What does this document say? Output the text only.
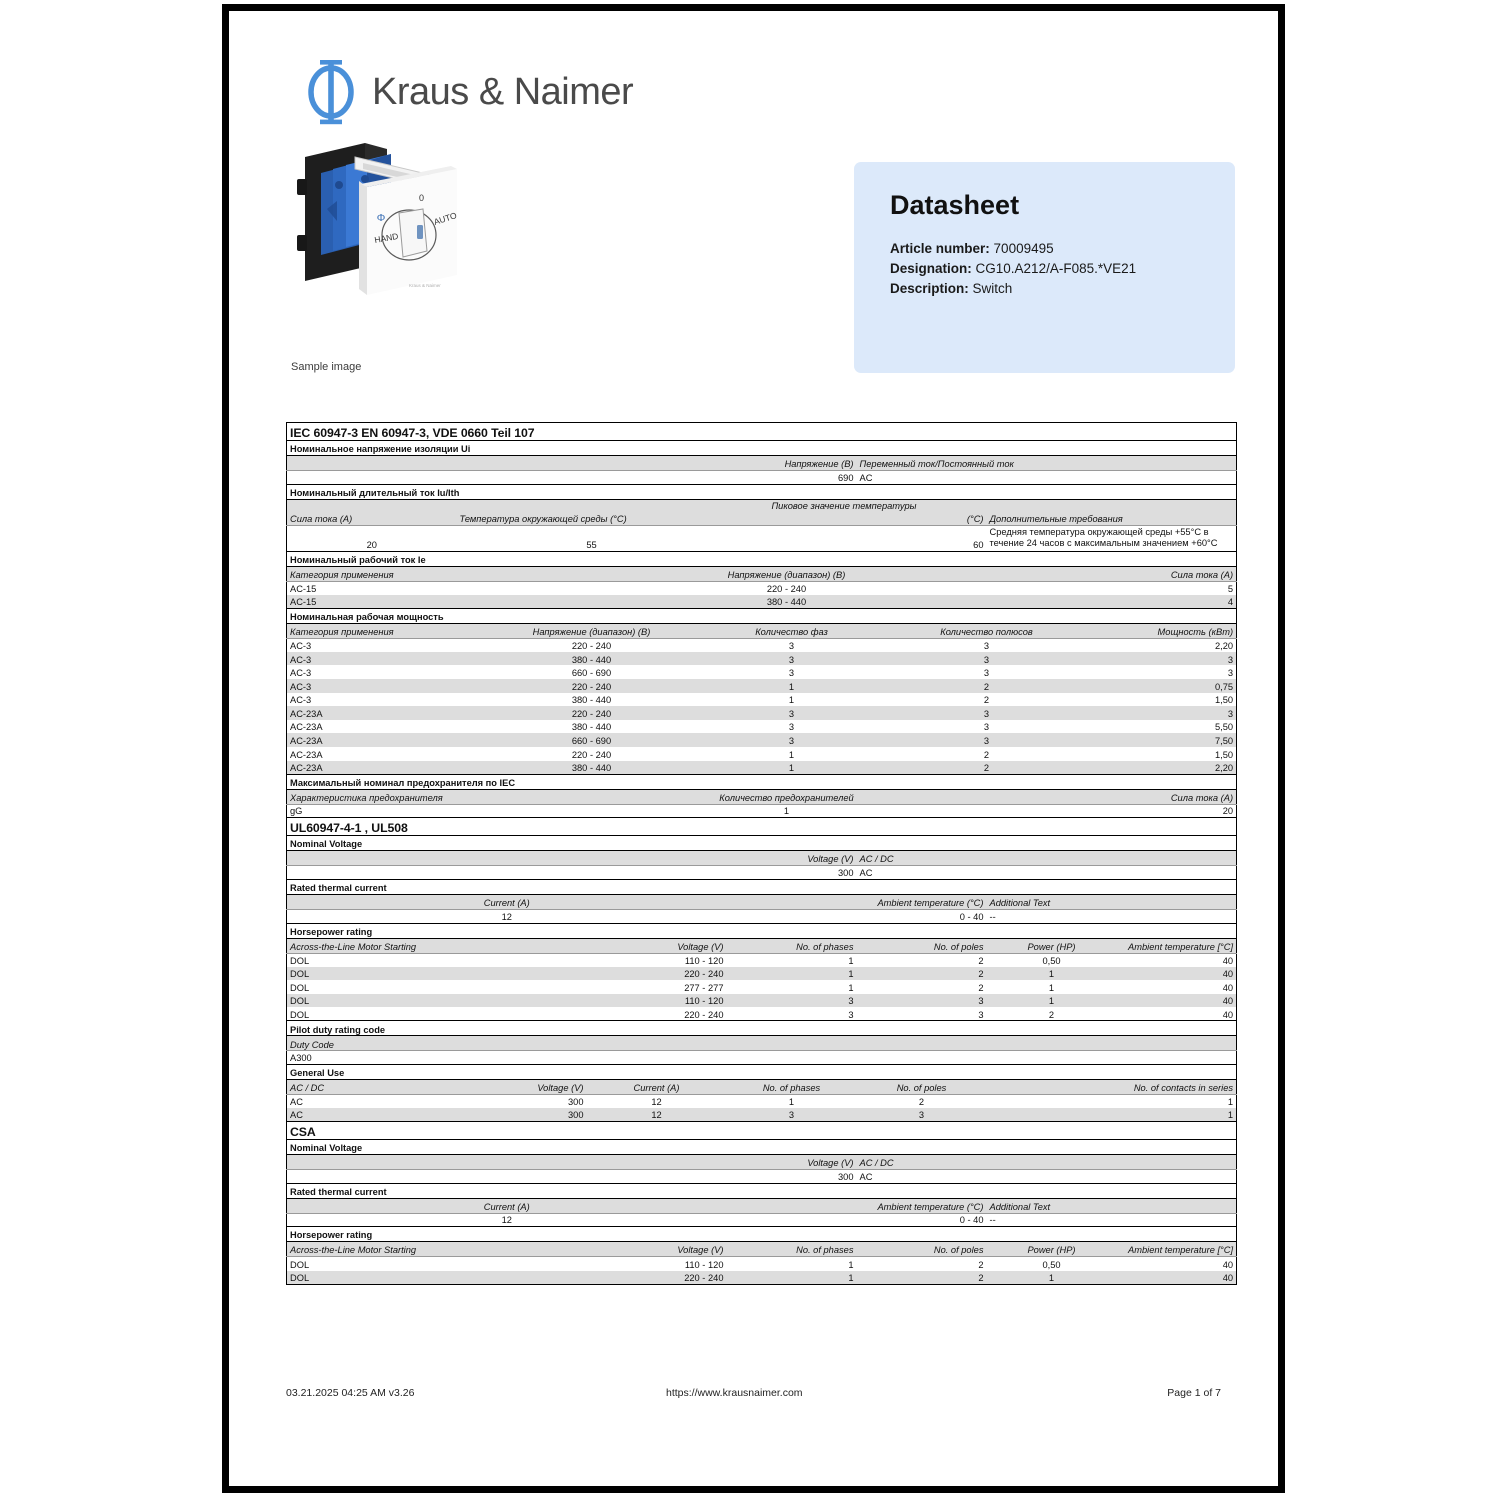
Kraus & Naimer
0
HAND
AUTO
Φ
Kraus & Naimer
Sample image
Datasheet
Article number: 70009495
Designation: CG10.A212/A-F085.*VE21
Description: Switch
IEC 60947-3 EN 60947-3, VDE 0660 Teil 107						
Номинальное напряжение изоляции Ui						
Напряжение (В)				Переменный ток/Постоянный ток		
690				AC		
Номинальный длительный ток Iu/Ith						
Сила тока (A)	Температура окружающей среды (°C)		Пиковое значение температуры
(°C)		Дополнительные требования	
20	55		60		Средняя температура окружающей среды +55°C в течение 24 часов с максимальным значением +60°C	
Номинальный рабочий ток Ie						
Категория применения		Напряжение (диапазон) (В)			Сила тока (A)	
AC-15		220 - 240			5	
AC-15		380 - 440			4	
Номинальная рабочая мощность						
Категория применения	Напряжение (диапазон) (В)		Количество фаз	Количество полюсов		Мощность (кВт)
AC-3	220 - 240		3	3		2,20
AC-3	380 - 440		3	3		3
AC-3	660 - 690		3	3		3
AC-3	220 - 240		1	2		0,75
AC-3	380 - 440		1	2		1,50
AC-23A	220 - 240		3	3		3
AC-23A	380 - 440		3	3		5,50
AC-23A	660 - 690		3	3		7,50
AC-23A	220 - 240		1	2		1,50
AC-23A	380 - 440		1	2		2,20
Максимальный номинал предохранителя по IEC						
Характеристика предохранителя		Количество предохранителей			Сила тока (A)	
gG		1			20	
UL60947-4-1 , UL508						
Nominal Voltage						
Voltage (V)				AC / DC		
300				AC		
Rated thermal current						
Current (A)			Ambient temperature (°C)		Additional Text	
12			0 - 40		--	
Horsepower rating						
Across-the-Line Motor Starting		Voltage (V)	No. of phases	No. of poles	Power (HP)	Ambient temperature [°C]
DOL		110 - 120	1	2	0,50	40
DOL		220 - 240	1	2	1	40
DOL		277 - 277	1	2	1	40
DOL		110 - 120	3	3	1	40
DOL		220 - 240	3	3	2	40
Pilot duty rating code						
Duty Code						
A300						
General Use						
AC / DC	Voltage (V)	Current (A)	No. of phases	No. of poles	No. of contacts in series	
AC	300	12	1	2	1	
AC	300	12	3	3	1	
CSA						
Nominal Voltage						
Voltage (V)				AC / DC		
300				AC		
Rated thermal current						
Current (A)			Ambient temperature (°C)		Additional Text	
12			0 - 40		--	
Horsepower rating						
Across-the-Line Motor Starting		Voltage (V)	No. of phases	No. of poles	Power (HP)	Ambient temperature [°C]
DOL		110 - 120	1	2	0,50	40
DOL		220 - 240	1	2	1	40
03.21.2025 04:25 AM v3.26	https://www.krausnaimer.com	Page 1 of 7
